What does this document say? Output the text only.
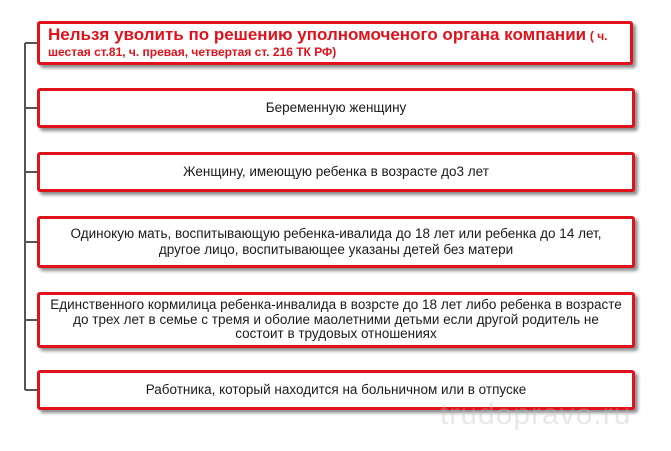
Нельзя уволить по решению уполномоченого органа компании ( ч. шестая ст.81, ч. превая, четвертая ст. 216 ТК РФ)
Беременную женщину
Женщину, имеющую ребенка в возрасте до3 лет
Одинокую мать, воспитывающую ребенка-ивалида до 18 лет или ребенка до 14 лет, другое лицо, воспитывающее указаны детей без матери
Единственного кормилица ребенка-инвалида в возрсте до 18 лет либо ребенка в возрасте до трех лет в семье с тремя и оболие маолетними детьми если другой родитель не состоит в трудовых отношениях
Работника, который находится на больничном или в отпуске
trudopravo.ru
